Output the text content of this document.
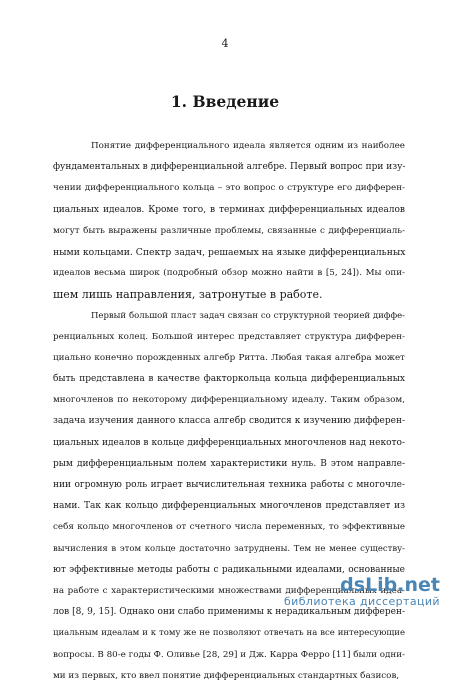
4
1. Введение
Понятие дифференциального идеала является одним из наиболее
фундаментальных в дифференциальной алгебре. Первый вопрос при изу-
чении дифференциального кольца – это вопрос о структуре его дифферен-
циальных идеалов. Кроме того, в терминах дифференциальных идеалов
могут быть выражены различные проблемы, связанные с дифференциаль-
ными кольцами. Спектр задач, решаемых на языке дифференциальных
идеалов весьма широк (подробный обзор можно найти в [5, 24]). Мы опи-
шем лишь направления, затронутые в работе.
Первый большой пласт задач связан со структурной теорией диффе-
ренциальных колец. Большой интерес представляет структура дифферен-
циально конечно порожденных алгебр Ритта. Любая такая алгебра может
быть представлена в качестве факторкольца кольца дифференциальных
многочленов по некоторому дифференциальному идеалу. Таким образом,
задача изучения данного класса алгебр сводится к изучению дифферен-
циальных идеалов в кольце дифференциальных многочленов над некото-
рым дифференциальным полем характеристики нуль. В этом направле-
нии огромную роль играет вычислительная техника работы с многочле-
нами. Так как кольцо дифференциальных многочленов представляет из
себя кольцо многочленов от счетного числа переменных, то эффективные
вычисления в этом кольце достаточно затруднены. Тем не менее существу-
ют эффективные методы работы с радикальными идеалами, основанные
на работе с характеристическими множествами дифференциальных идеа-
лов [8, 9, 15]. Однако они слабо применимы к нерадикальным дифферен-
циальным идеалам и к тому же не позволяют отвечать на все интересующие
вопросы. В 80-е годы Ф. Оливье [28, 29] и Дж. Карра Ферро [11] были одни-
ми из первых, кто ввел понятие дифференциальных стандартных базисов,
dsLib.net
библиотека диссертаций
